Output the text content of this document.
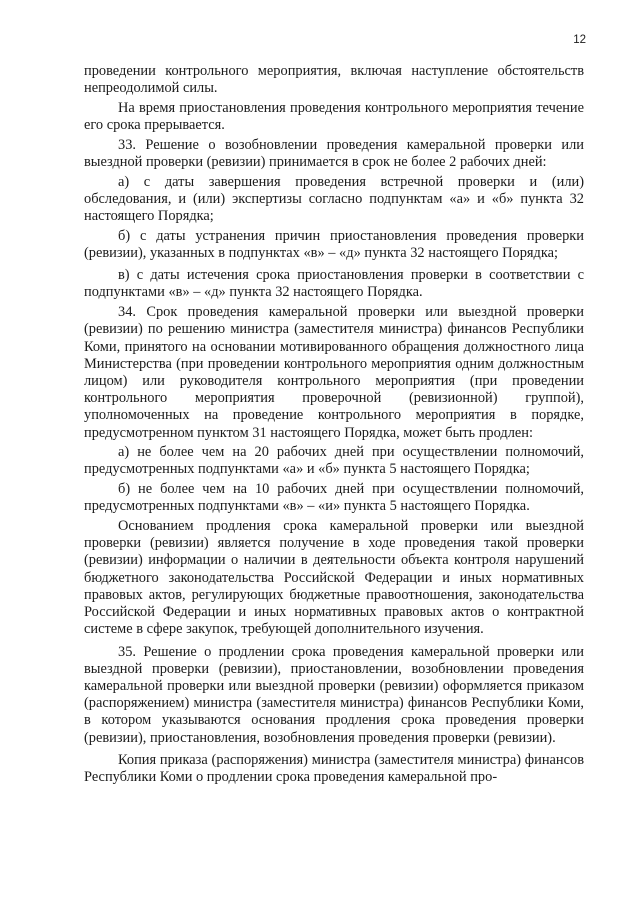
12

проведении контрольного мероприятия, включая наступление обстоятельств непреодолимой силы.

На время приостановления проведения контрольного мероприятия течение его срока прерывается.

33. Решение о возобновлении проведения камеральной проверки или выездной проверки (ревизии) принимается в срок не более 2 рабочих дней:

а) с даты завершения проведения встречной проверки и (или) обследования, и (или) экспертизы согласно подпунктам «а» и «б» пункта 32 настоящего Порядка;

б) с даты устранения причин приостановления проведения проверки (ревизии), указанных в подпунктах «в» – «д» пункта 32 настоящего Порядка;

в) с даты истечения срока приостановления проверки в соответствии с подпунктами «в» – «д» пункта 32 настоящего Порядка.

34. Срок проведения камеральной проверки или выездной проверки (ревизии) по решению министра (заместителя министра) финансов Республики Коми, принятого на основании мотивированного обращения должностного лица Министерства (при проведении контрольного мероприятия одним должностным лицом) или руководителя контрольного мероприятия (при проведении контрольного мероприятия проверочной (ревизионной) группой), уполномоченных на проведение контрольного мероприятия в порядке, предусмотренном пунктом 31 настоящего Порядка, может быть продлен:

а) не более чем на 20 рабочих дней при осуществлении полномочий, предусмотренных подпунктами «а» и «б» пункта 5 настоящего Порядка;

б) не более чем на 10 рабочих дней при осуществлении полномочий, предусмотренных подпунктами «в» – «и» пункта 5 настоящего Порядка.

Основанием продления срока камеральной проверки или выездной проверки (ревизии) является получение в ходе проведения такой проверки (ревизии) информации о наличии в деятельности объекта контроля нарушений бюджетного законодательства Российской Федерации и иных нормативных правовых актов, регулирующих бюджетные правоотношения, законодательства Российской Федерации и иных нормативных правовых актов о контрактной системе в сфере закупок, требующей дополнительного изучения.

35. Решение о продлении срока проведения камеральной проверки или выездной проверки (ревизии), приостановлении, возобновлении проведения камеральной проверки или выездной проверки (ревизии) оформляется приказом (распоряжением) министра (заместителя министра) финансов Республики Коми, в котором указываются основания продления срока проведения проверки (ревизии), приостановления, возобновления проведения проверки (ревизии).

Копия приказа (распоряжения) министра (заместителя министра) финансов Республики Коми о продлении срока проведения камеральной про-
